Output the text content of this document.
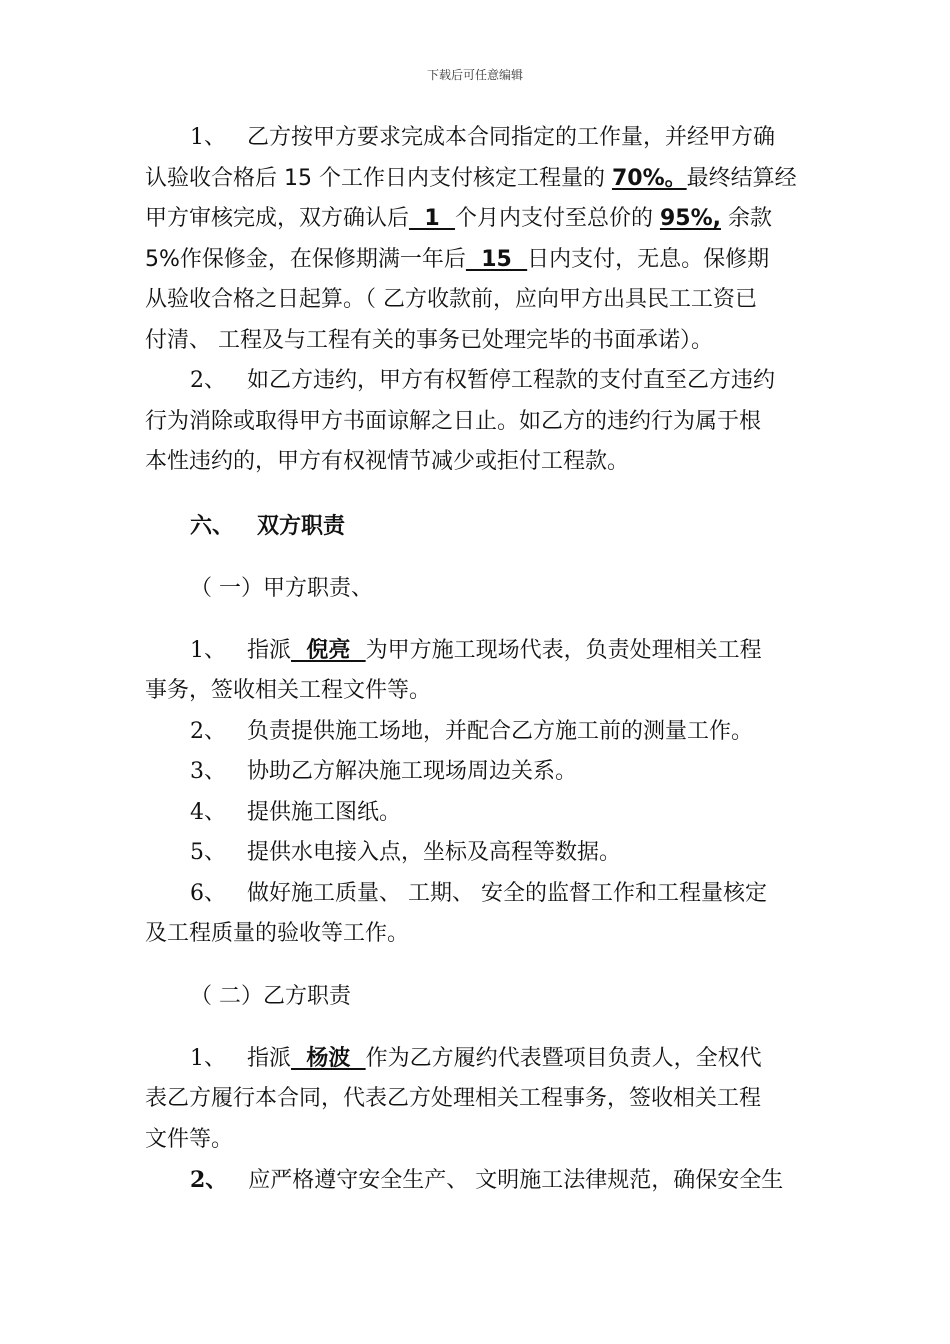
下载后可任意编辑

1、 乙方按甲方要求完成本合同指定的工作量，并经甲方确

认验收合格后 15 个工作日内支付核定工程量的 70%。最终结算经

甲方审核完成，双方确认后  1  个月内支付至总价的 95%, 余款

5%作保修金，在保修期满一年后  15  日内支付，无息。保修期

从验收合格之日起算。（ 乙方收款前，应向甲方出具民工工资已

付清、 工程及与工程有关的事务已处理完毕的书面承诺）。

2、 如乙方违约，甲方有权暂停工程款的支付直至乙方违约

行为消除或取得甲方书面谅解之日止。如乙方的违约行为属于根

本性违约的，甲方有权视情节减少或拒付工程款。

六、 双方职责

（ 一）甲方职责、

1、 指派  倪亮  为甲方施工现场代表，负责处理相关工程

事务，签收相关工程文件等。

2、 负责提供施工场地，并配合乙方施工前的测量工作。

3、 协助乙方解决施工现场周边关系。

4、 提供施工图纸。

5、 提供水电接入点，坐标及高程等数据。

6、 做好施工质量、 工期、 安全的监督工作和工程量核定

及工程质量的验收等工作。

（ 二）乙方职责

1、 指派  杨波  作为乙方履约代表暨项目负责人，全权代

表乙方履行本合同，代表乙方处理相关工程事务，签收相关工程

文件等。

2、 应严格遵守安全生产、 文明施工法律规范，确保安全生
